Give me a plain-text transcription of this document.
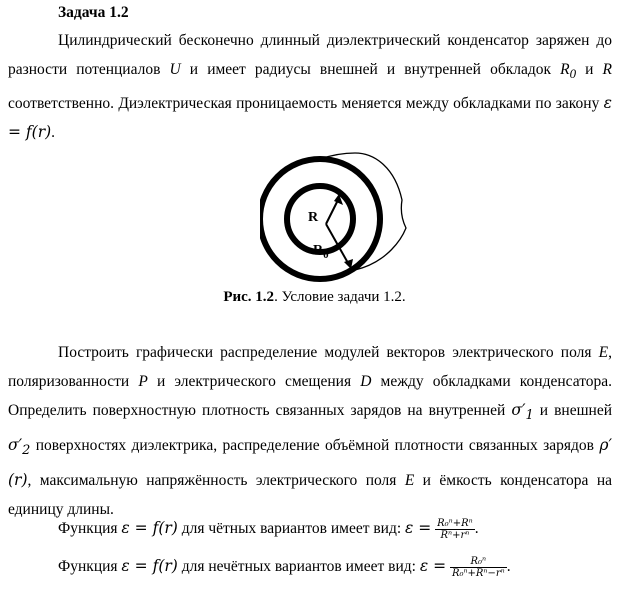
Задача 1.2

Цилиндрический бесконечно длинный диэлектрический конденсатор заряжен до разности потенциалов U и имеет радиусы внешней и внутренней обкладок $R_0$ и R соответственно. Диэлектрическая проницаемость меняется между обкладками по закону ε = f(r).

R
$R_0$
Рис. 1.2. Условие задачи 1.2.

Построить графически распределение модулей векторов электрического поля E, поляризованности P и электрического смещения D между обкладками конденсатора. Определить поверхностную плотность связанных зарядов на внутренней $\sigma'_1$ и внешней $\sigma'_2$ поверхностях диэлектрика, распределение объёмной плотности связанных зарядов ρ′(r), максимальную напряжённость электрического поля E и ёмкость конденсатора на единицу длины.

Функция ε = f(r) для чётных вариантов имеет вид: $\varepsilon = \frac{\text{R₀ⁿ+Rⁿ}}{\text{Rⁿ+rⁿ}}$ .
Функция ε = f(r) для нечётных вариантов имеет вид: $\varepsilon = \frac{\text{R₀ⁿ}}{\text{R₀ⁿ+Rⁿ−rⁿ}}$ .
